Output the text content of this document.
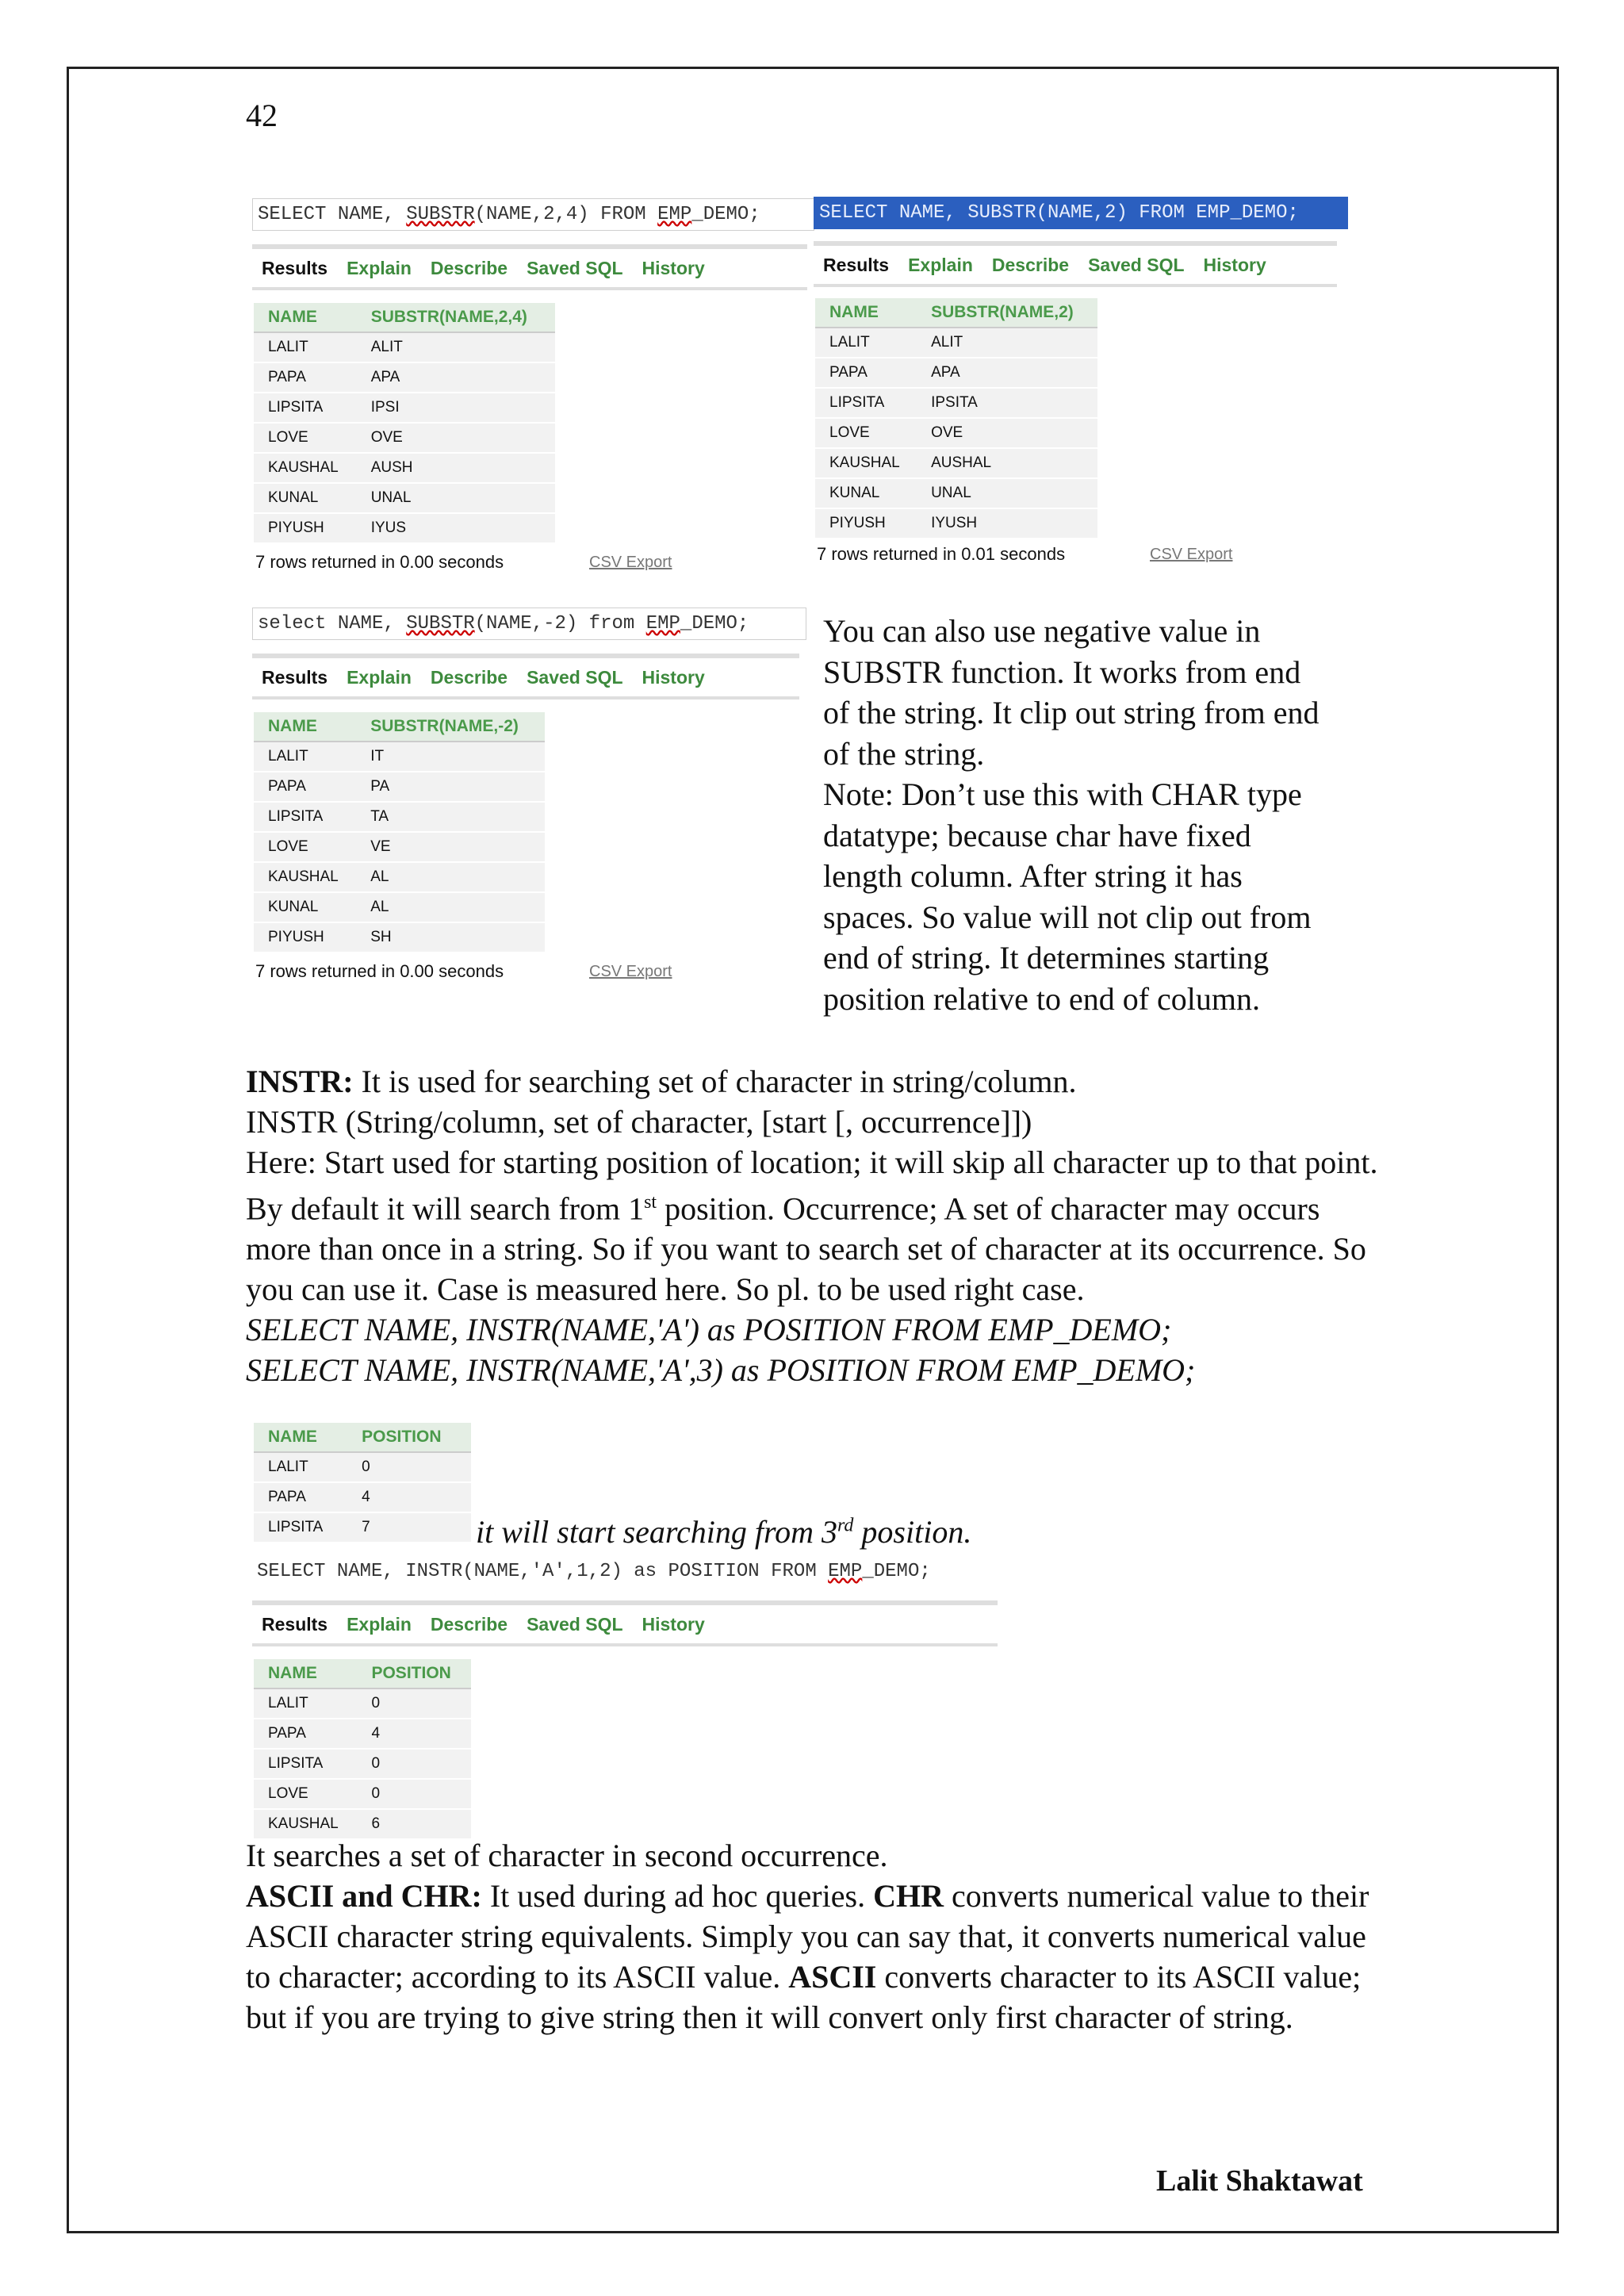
42
SELECT NAME, SUBSTR(NAME,2,4) FROM EMP_DEMO;
Results	Explain	Describe	Saved SQL	History
NAME	SUBSTR(NAME,2,4)
LALIT	ALIT
PAPA	APA
LIPSITA	IPSI
LOVE	OVE
KAUSHAL	AUSH
KUNAL	UNAL
PIYUSH	IYUS
7 rows returned in 0.00 seconds	CSV Export
SELECT NAME, SUBSTR(NAME,2) FROM EMP_DEMO;
Results	Explain	Describe	Saved SQL	History
NAME	SUBSTR(NAME,2)
LALIT	ALIT
PAPA	APA
LIPSITA	IPSITA
LOVE	OVE
KAUSHAL	AUSHAL
KUNAL	UNAL
PIYUSH	IYUSH
7 rows returned in 0.01 seconds	CSV Export
select NAME, SUBSTR(NAME,-2) from EMP_DEMO;
Results	Explain	Describe	Saved SQL	History
NAME	SUBSTR(NAME,-2)
LALIT	IT
PAPA	PA
LIPSITA	TA
LOVE	VE
KAUSHAL	AL
KUNAL	AL
PIYUSH	SH
7 rows returned in 0.00 seconds	CSV Export

You can also use negative value in

SUBSTR function. It works from end

of the string. It clip out string from end

of the string.

Note: Don’t use this with CHAR type

datatype; because char have fixed

length column. After string it has

spaces. So value will not clip out from

end of string. It determines starting

position relative to end of column.

INSTR: It is used for searching set of character in string/column.

INSTR (String/column, set of character, [start [, occurrence]])

Here: Start used for starting position of location; it will skip all character up to that point. By default it will search from 1st position. Occurrence; A set of character may occurs more than once in a string. So if you want to search set of character at its occurrence. So you can use it. Case is measured here. So pl. to be used right case.

SELECT NAME, INSTR(NAME,'A') as POSITION FROM EMP_DEMO;

SELECT NAME, INSTR(NAME,'A',3) as POSITION FROM EMP_DEMO;

NAME	POSITION
LALIT	0
PAPA	4
LIPSITA	7	it will start searching from 3rd position.
SELECT NAME, INSTR(NAME,'A',1,2) as POSITION FROM EMP_DEMO;
Results	Explain	Describe	Saved SQL	History
NAME	POSITION
LALIT	0
PAPA	4
LIPSITA	0
LOVE	0
KAUSHAL	6

It searches a set of character in second occurrence.

ASCII and CHR: It used during ad hoc queries. CHR converts numerical value to their ASCII character string equivalents. Simply you can say that, it converts numerical value to character; according to its ASCII value. ASCII converts character to its ASCII value; but if you are trying to give string then it will convert only first character of string.

Lalit Shaktawat
